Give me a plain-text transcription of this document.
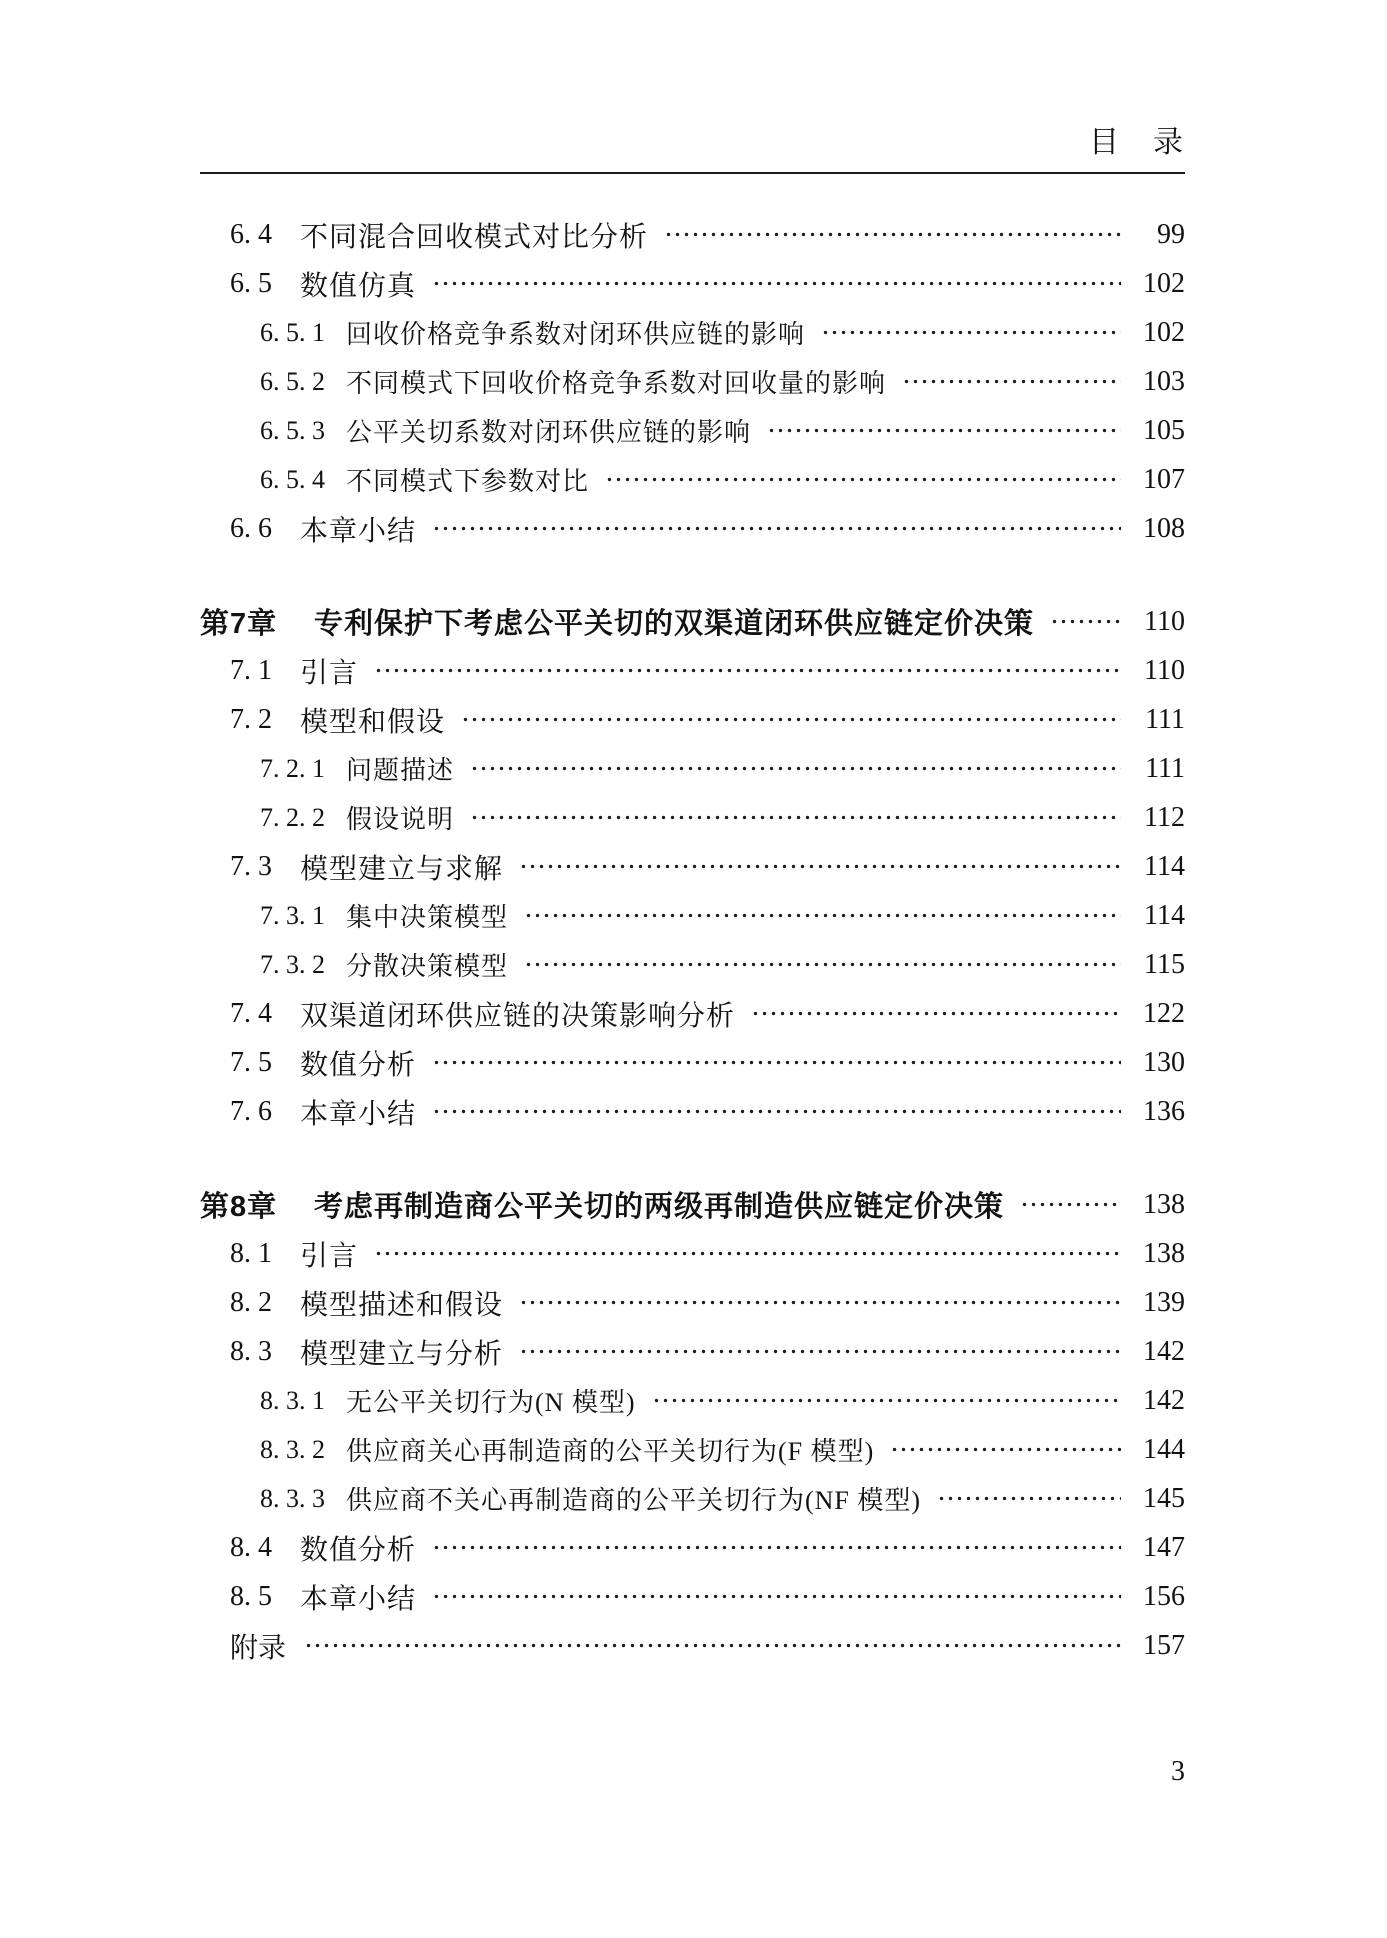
目　录
6. 4	不同混合回收模式对比分析	99
6. 5	数值仿真	102
6. 5. 1 回收价格竞争系数对闭环供应链的影响	102
6. 5. 2 不同模式下回收价格竞争系数对回收量的影响	103
6. 5. 3 公平关切系数对闭环供应链的影响	105
6. 5. 4 不同模式下参数对比	107
6. 6	本章小结	108
第7章	专利保护下考虑公平关切的双渠道闭环供应链定价决策	110
7. 1	引言	110
7. 2	模型和假设	111
7. 2. 1 问题描述	111
7. 2. 2 假设说明	112
7. 3	模型建立与求解	114
7. 3. 1 集中决策模型	114
7. 3. 2 分散决策模型	115
7. 4	双渠道闭环供应链的决策影响分析	122
7. 5	数值分析	130
7. 6	本章小结	136
第8章	考虑再制造商公平关切的两级再制造供应链定价决策	138
8. 1	引言	138
8. 2	模型描述和假设	139
8. 3	模型建立与分析	142
8. 3. 1 无公平关切行为(N 模型)	142
8. 3. 2 供应商关心再制造商的公平关切行为(F 模型)	144
8. 3. 3 供应商不关心再制造商的公平关切行为(NF 模型)	145
8. 4	数值分析	147
8. 5	本章小结	156
附录	157
3
